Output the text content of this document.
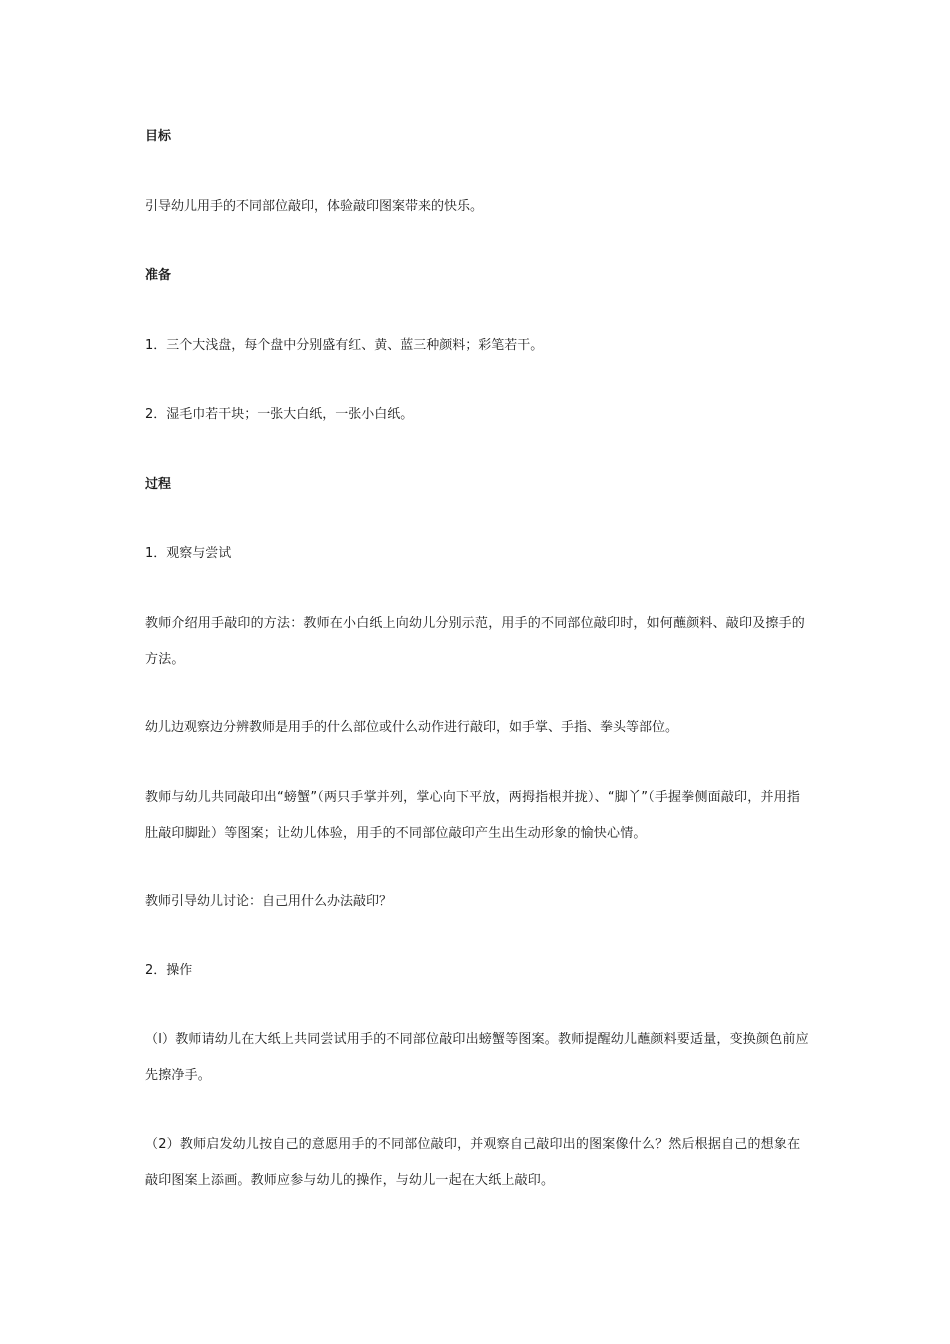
目标

引导幼儿用手的不同部位敲印，体验敲印图案带来的快乐。

准备

1．三个大浅盘，每个盘中分别盛有红、黄、蓝三种颜料；彩笔若干。

2．湿毛巾若干块；一张大白纸，一张小白纸。

过程

1．观察与尝试

教师介绍用手敲印的方法：教师在小白纸上向幼儿分别示范，用手的不同部位敲印时，如何蘸颜料、敲印及擦手的方法。

幼儿边观察边分辨教师是用手的什么部位或什么动作进行敲印，如手掌、手指、拳头等部位。

教师与幼儿共同敲印出“螃蟹”（两只手掌并列，掌心向下平放，两拇指根并拢）、“脚丫”（手握拳侧面敲印，并用指肚敲印脚趾）等图案；让幼儿体验，用手的不同部位敲印产生出生动形象的愉快心情。

教师引导幼儿讨论：自己用什么办法敲印？

2．操作

（l）教师请幼儿在大纸上共同尝试用手的不同部位敲印出螃蟹等图案。教师提醒幼儿蘸颜料要适量，变换颜色前应先擦净手。

（2）教师启发幼儿按自己的意愿用手的不同部位敲印，并观察自己敲印出的图案像什么？然后根据自己的想象在敲印图案上添画。教师应参与幼儿的操作，与幼儿一起在大纸上敲印。
